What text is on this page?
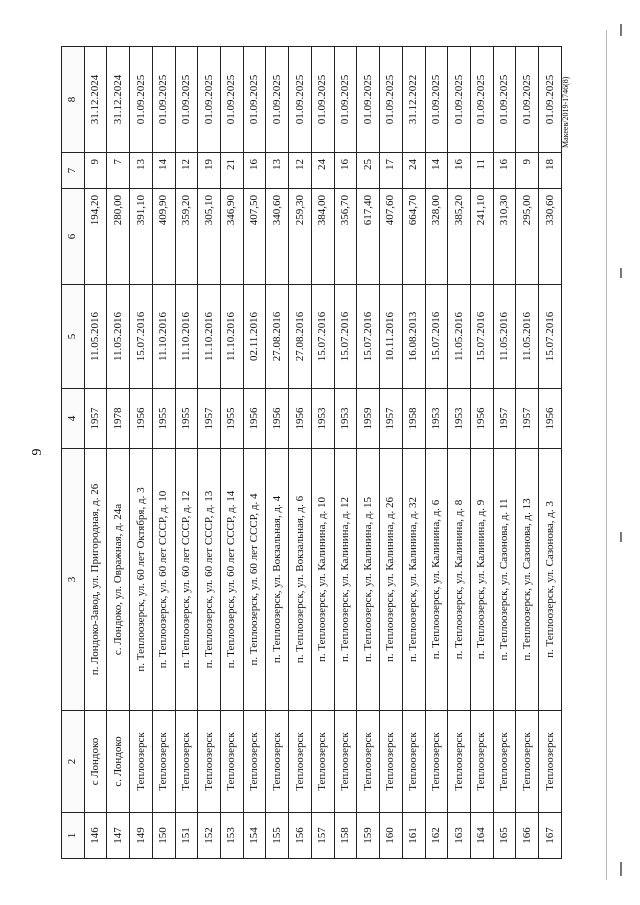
9
1	2	3	4	5	6	7	8
146	с Лондоко	п. Лондоко-Завод, ул. Пригородная, д. 26	1957	11.05.2016	194,20	9	31.12.2024
147	с. Лондоко	с. Лондоко, ул. Овражная, д. 24а	1978	11.05.2016	280,00	7	31.12.2024
149	Теплоозерск	п. Теплоозерск, ул. 60 лет Октября, д. 3	1956	15.07.2016	391,10	13	01.09.2025
150	Теплоозерск	п. Теплоозерск, ул. 60 лет СССР, д. 10	1955	11.10.2016	409,90	14	01.09.2025
151	Теплоозерск	п. Теплоозерск, ул. 60 лет СССР, д. 12	1955	11.10.2016	359,20	12	01.09.2025
152	Теплоозерск	п. Теплоозерск, ул. 60 лет СССР, д. 13	1957	11.10.2016	305,10	19	01.09.2025
153	Теплоозерск	п. Теплоозерск, ул. 60 лет СССР, д. 14	1955	11.10.2016	346,90	21	01.09.2025
154	Теплоозерск	п. Теплоозерск, ул. 60 лет СССР, д. 4	1956	02.11.2016	407,50	16	01.09.2025
155	Теплоозерск	п. Теплоозерск, ул. Вокзальная, д. 4	1956	27.08.2016	340,60	13	01.09.2025
156	Теплоозерск	п. Теплоозерск, ул. Вокзальная, д. 6	1956	27.08.2016	259,30	12	01.09.2025
157	Теплоозерск	п. Теплоозерск, ул. Калинина, д. 10	1953	15.07.2016	384,00	24	01.09.2025
158	Теплоозерск	п. Теплоозерск, ул. Калинина, д. 12	1953	15.07.2016	356,70	16	01.09.2025
159	Теплоозерск	п. Теплоозерск, ул. Калинина, д. 15	1959	15.07.2016	617,40	25	01.09.2025
160	Теплоозерск	п. Теплоозерск, ул. Калинина, д. 26	1957	10.11.2016	407,60	17	01.09.2025
161	Теплоозерск	п. Теплоозерск, ул. Калинина, д. 32	1958	16.08.2013	664,70	24	31.12.2022
162	Теплоозерск	п. Теплоозерск, ул. Калинина, д. 6	1953	15.07.2016	328,00	14	01.09.2025
163	Теплоозерск	п. Теплоозерск, ул. Калинина, д. 8	1953	11.05.2016	385,20	16	01.09.2025
164	Теплоозерск	п. Теплоозерск, ул. Калинина, д. 9	1956	15.07.2016	241,10	11	01.09.2025
165	Теплоозерск	п. Теплоозерск, ул. Сазонова, д. 11	1957	11.05.2016	310,30	16	01.09.2025
166	Теплоозерск	п. Теплоозерск, ул. Сазонова, д. 13	1957	11.05.2016	295,00	9	01.09.2025
167	Теплоозерск	п. Теплоозерск, ул. Сазонова, д. 3	1956	15.07.2016	330,60	18	01.09.2025 Макеев/2019-1746(8)
